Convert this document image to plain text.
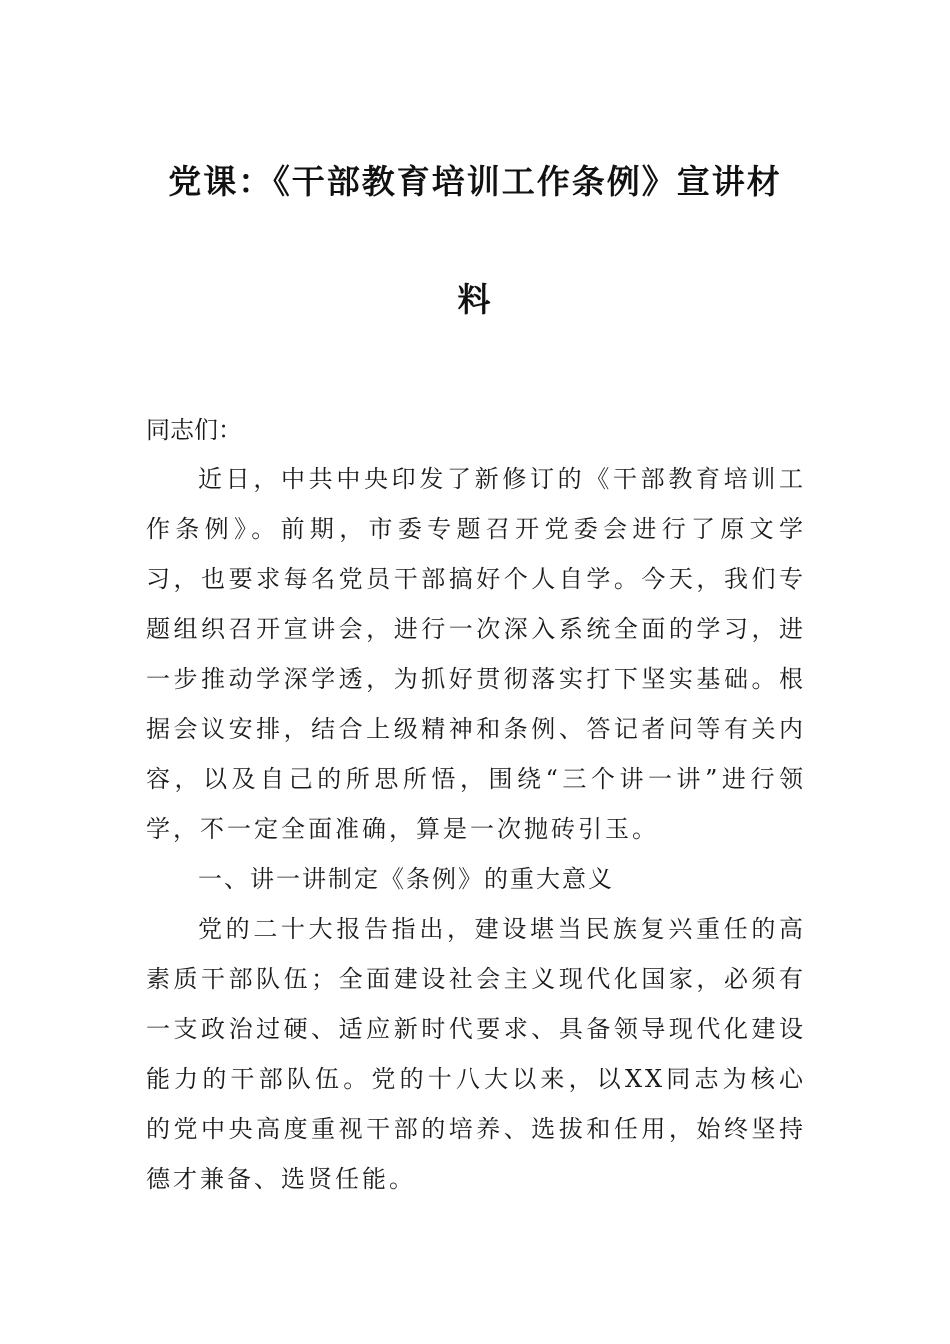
党课：《干部教育培训工作条例》宣讲材
料
同志们：

近日，中共中央印发了新修订的《干部教育培训工作条例》。前期，市委专题召开党委会进行了原文学习，也要求每名党员干部搞好个人自学。今天，我们专题组织召开宣讲会，进行一次深入系统全面的学习，进一步推动学深学透，为抓好贯彻落实打下坚实基础。根据会议安排，结合上级精神和条例、答记者问等有关内容，以及自己的所思所悟，围绕“三个讲一讲”进行领学，不一定全面准确，算是一次抛砖引玉。

一、讲一讲制定《条例》的重大意义

党的二十大报告指出，建设堪当民族复兴重任的高素质干部队伍；全面建设社会主义现代化国家，必须有一支政治过硬、适应新时代要求、具备领导现代化建设能力的干部队伍。党的十八大以来，以XX同志为核心的党中央高度重视干部的培养、选拔和任用，始终坚持德才兼备、选贤任能。
